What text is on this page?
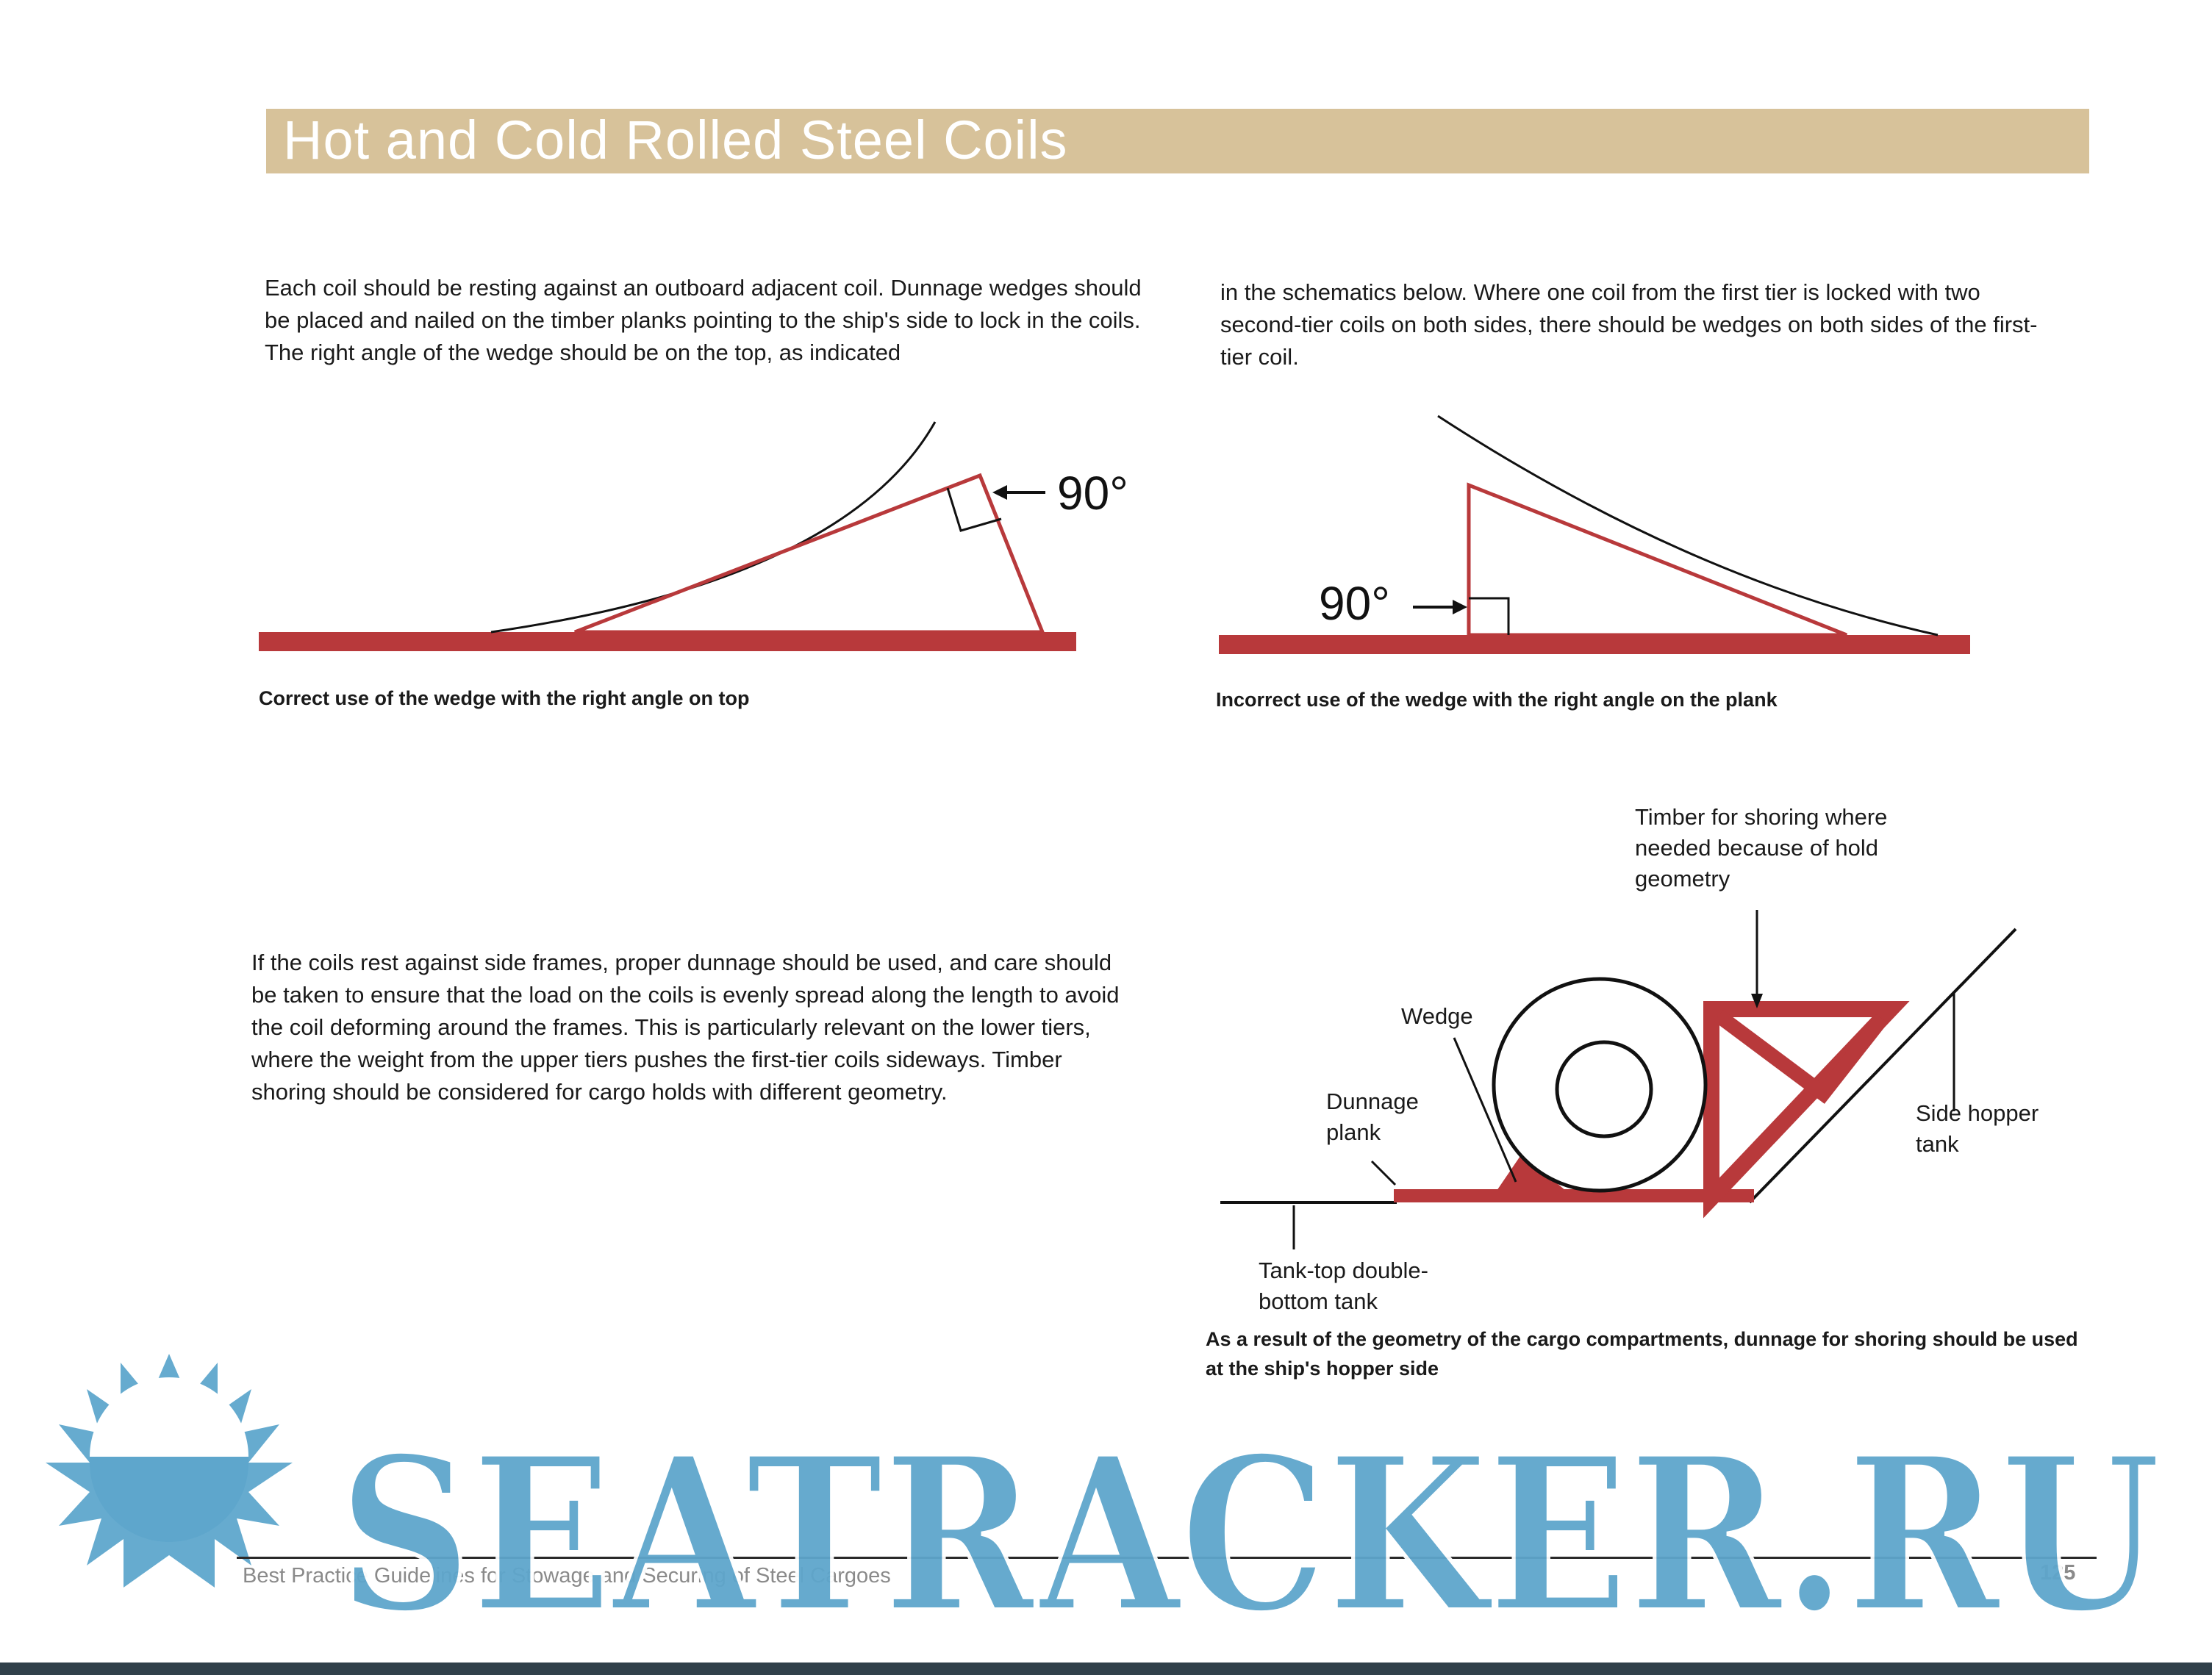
Hot and Cold Rolled Steel Coils

Each coil should be resting against an outboard adjacent coil. Dunnage wedges should be placed and nailed on the timber planks pointing to the ship's side to lock in the coils. The right angle of the wedge should be on the top, as indicated

in the schematics below. Where one coil from the first tier is locked with two second-tier coils on both sides, there should be wedges on both sides of the first-tier coil.

If the coils rest against side frames, proper dunnage should be used, and care should be taken to ensure that the load on the coils is evenly spread along the length to avoid the coil deforming around the frames. This is particularly relevant on the lower tiers, where the weight from the upper tiers pushes the first-tier coils sideways. Timber shoring should be considered for cargo holds with different geometry.

90°
90°

Correct use of the wedge with the right angle on top	Incorrect use of the wedge with the right angle on the plank

As a result of the geometry of the cargo compartments, dunnage for shoring should be used at the ship's hopper side

Timber for shoring where needed because of hold geometry
Wedge
Dunnage plank
Side hopper tank
Tank-top double-bottom tank
Best Practice Guidelines for Stowage and Securing of Steel Cargoes	125
SEATRACKER.RU
